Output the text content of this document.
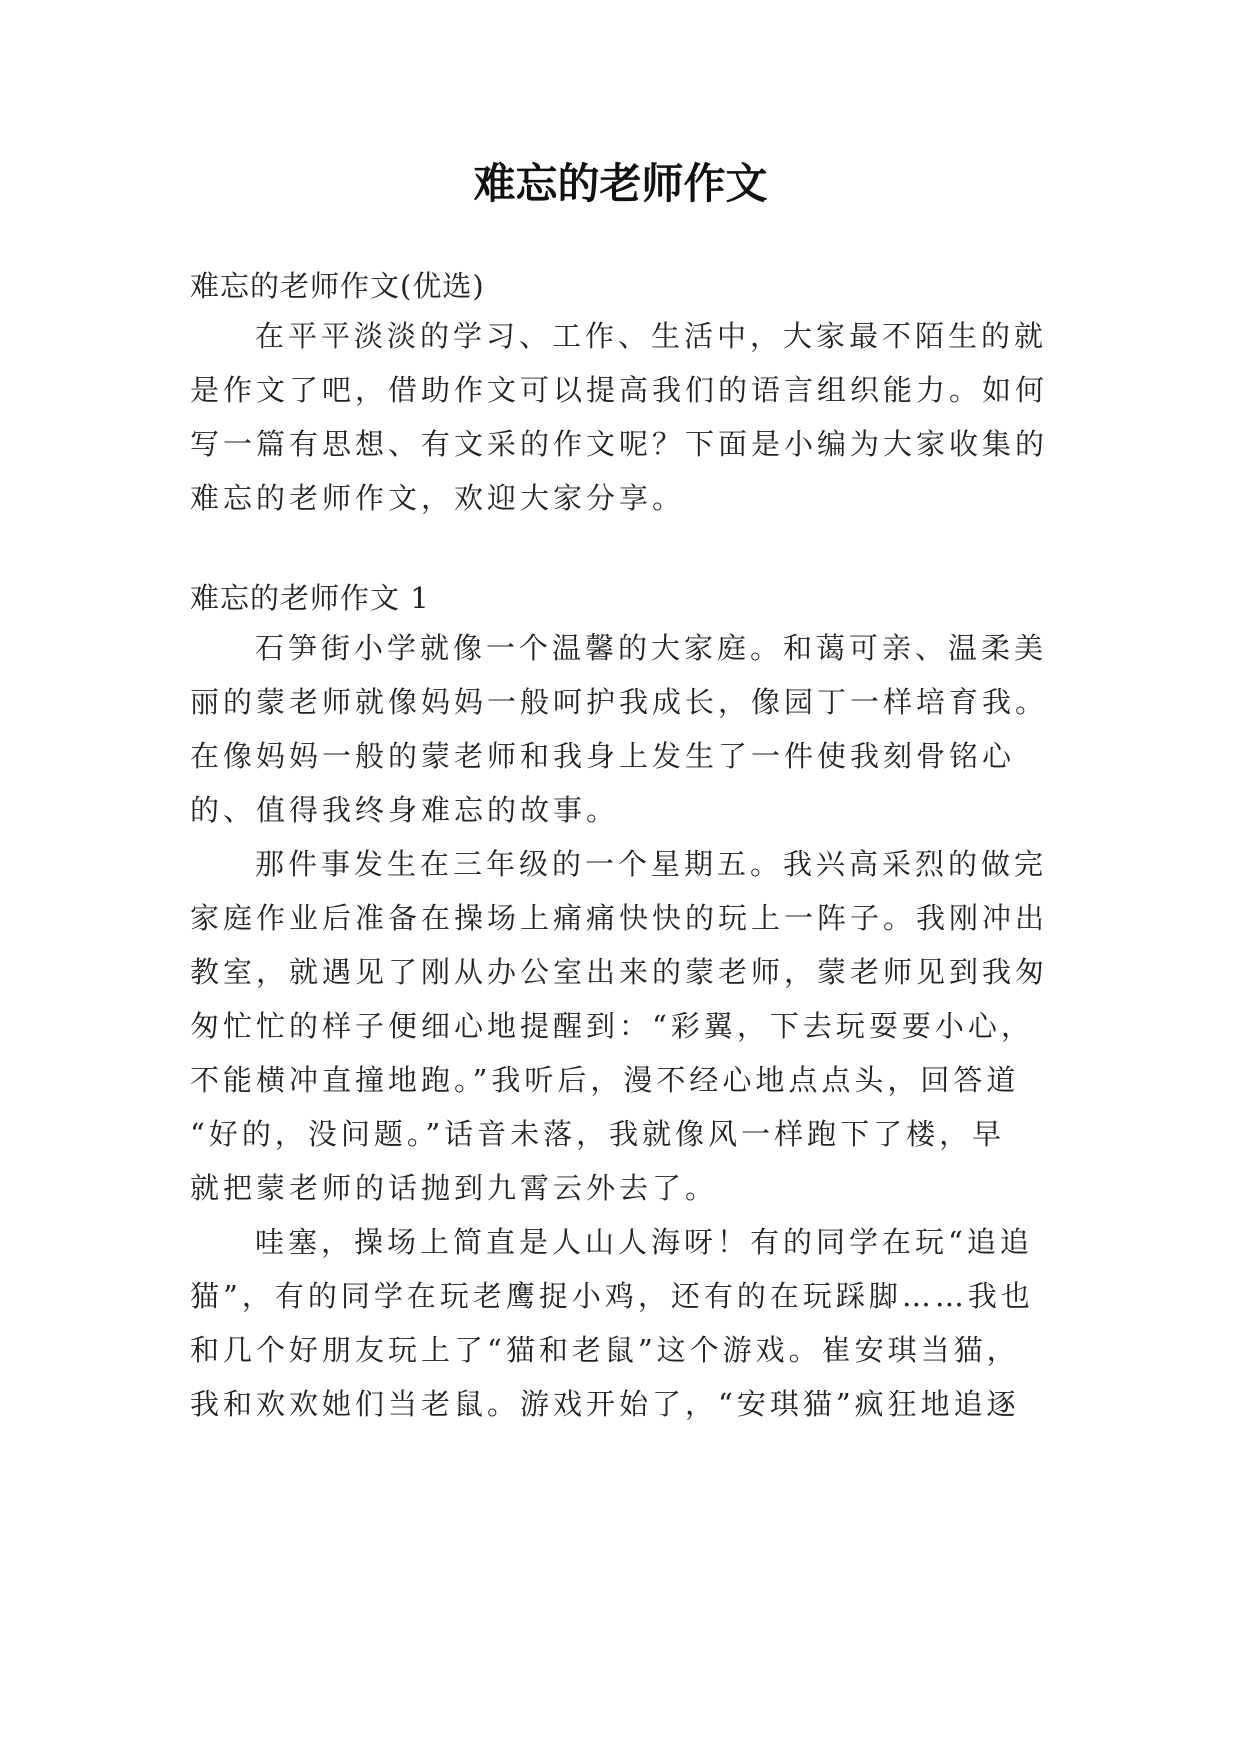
难忘的老师作文

难忘的老师作文(优选)

在平平淡淡的学习、工作、生活中，大家最不陌生的就

是作文了吧，借助作文可以提高我们的语言组织能力。如何

写一篇有思想、有文采的作文呢？下面是小编为大家收集的

难忘的老师作文，欢迎大家分享。

难忘的老师作文 1

石笋街小学就像一个温馨的大家庭。和蔼可亲、温柔美

丽的蒙老师就像妈妈一般呵护我成长，像园丁一样培育我。

在像妈妈一般的蒙老师和我身上发生了一件使我刻骨铭心

的、值得我终身难忘的故事。

那件事发生在三年级的一个星期五。我兴高采烈的做完

家庭作业后准备在操场上痛痛快快的玩上一阵子。我刚冲出

教室，就遇见了刚从办公室出来的蒙老师，蒙老师见到我匆

匆忙忙的样子便细心地提醒到：“彩翼，下去玩耍要小心，

不能横冲直撞地跑。”我听后，漫不经心地点点头，回答道

“好的，没问题。”话音未落，我就像风一样跑下了楼，早

就把蒙老师的话抛到九霄云外去了。

哇塞，操场上简直是人山人海呀！有的同学在玩“追追

猫”，有的同学在玩老鹰捉小鸡，还有的在玩踩脚……我也

和几个好朋友玩上了“猫和老鼠”这个游戏。崔安琪当猫，

我和欢欢她们当老鼠。游戏开始了，“安琪猫”疯狂地追逐
